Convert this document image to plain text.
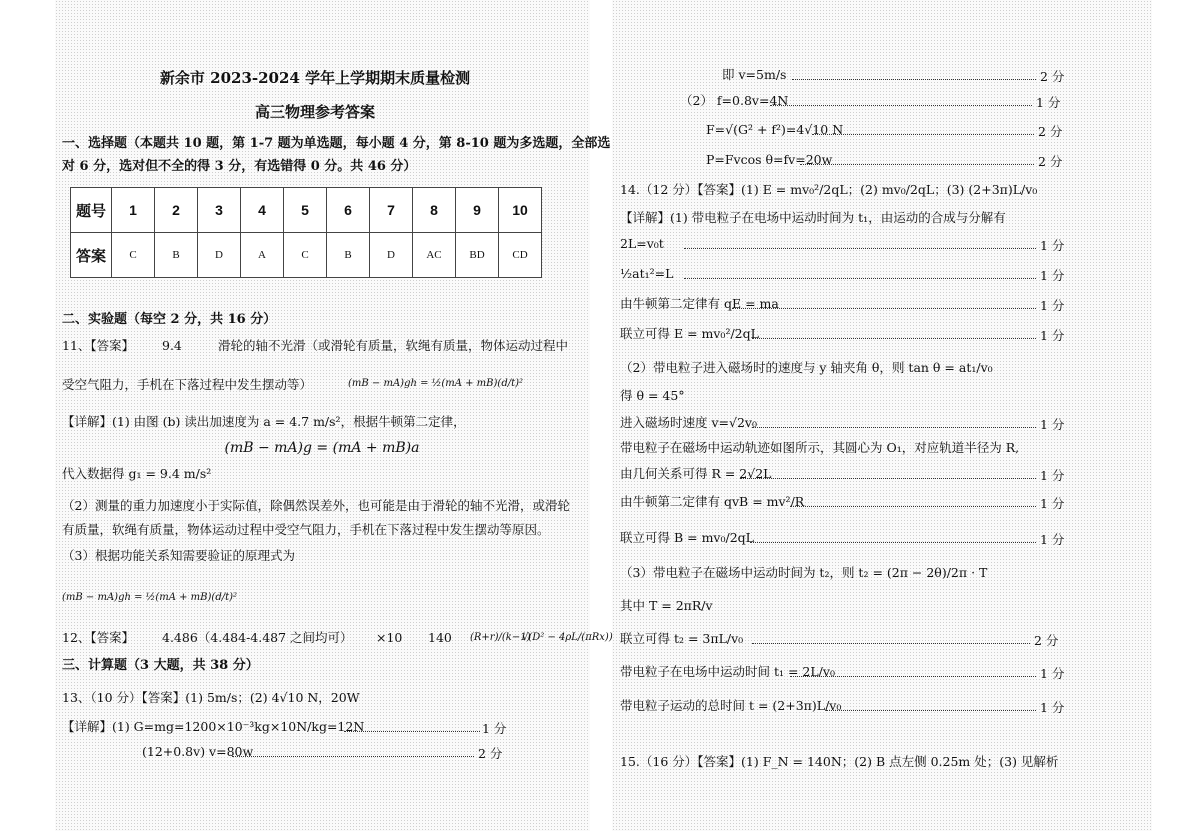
新余市 2023-2024 学年上学期期末质量检测
高三物理参考答案
一、选择题（本题共 10 题，第 1-7 题为单选题，每小题 4 分，第 8-10 题为多选题，全部选
对 6 分，选对但不全的得 3 分，有选错得 0 分。共 46 分）
题号	1	2	3	4	5	6	7	8	9	10
答案	C	B	D	A	C	B	D	AC	BD	CD
二、实验题（每空 2 分，共 16 分）
11、【答案】 9.4	滑轮的轴不光滑（或滑轮有质量，软绳有质量，物体运动过程中
受空气阻力，手机在下落过程中发生摆动等）	(mB − mA)gh = ½(mA + mB)(d/t)²
【详解】(1) 由图 (b) 读出加速度为 a = 4.7 m/s²，根据牛顿第二定律，
(mB − mA)g = (mA + mB)a
代入数据得 g₁ = 9.4 m/s²
（2）测量的重力加速度小于实际值，除偶然误差外，也可能是由于滑轮的轴不光滑，或滑轮
有质量，软绳有质量，物体运动过程中受空气阻力，手机在下落过程中发生摆动等原因。
（3）根据功能关系知需要验证的原理式为
(mB − mA)gh = ½(mA + mB)(d/t)²
12、【答案】 4.486（4.484-4.487 之间均可） ×10 140 (R+r)/(k−1)
√(D² − 4ρL/(πRx))
三、计算题（3 大题，共 38 分）
13、（10 分）【答案】(1) 5m/s；(2) 4√10 N，20W
【详解】(1) G=mg=1200×10⁻³kg×10N/kg=12N	1 分
(12+0.8v) v=80w	2 分
即 v=5m/s	2 分
（2） f=0.8v=4N	1 分
F=√(G² + f²)=4√10 N	2 分
P=Fvcos θ=fv=20w	2 分
14.（12 分）【答案】(1) E = mv₀²/2qL；(2) mv₀/2qL；(3) (2+3π)L/v₀
【详解】(1) 带电粒子在电场中运动时间为 t₁，由运动的合成与分解有
2L=v₀t	1 分
½at₁²=L	1 分
由牛顿第二定律有 qE = ma	1 分
联立可得 E = mv₀²/2qL	1 分
（2）带电粒子进入磁场时的速度与 y 轴夹角 θ，则 tan θ = at₁/v₀
得 θ = 45°
进入磁场时速度 v=√2v₀	1 分
带电粒子在磁场中运动轨迹如图所示，其圆心为 O₁，对应轨道半径为 R,
由几何关系可得 R = 2√2L	1 分
由牛顿第二定律有 qvB = mv²/R	1 分
联立可得 B = mv₀/2qL	1 分
（3）带电粒子在磁场中运动时间为 t₂，则 t₂ = (2π − 2θ)/2π · T
其中 T = 2πR/v
联立可得 t₂ = 3πL/v₀	2 分
带电粒子在电场中运动时间 t₁ = 2L/v₀	1 分
带电粒子运动的总时间 t = (2+3π)L/v₀	1 分
15.（16 分）【答案】(1) F_N = 140N；(2) B 点左侧 0.25m 处；(3) 见解析
